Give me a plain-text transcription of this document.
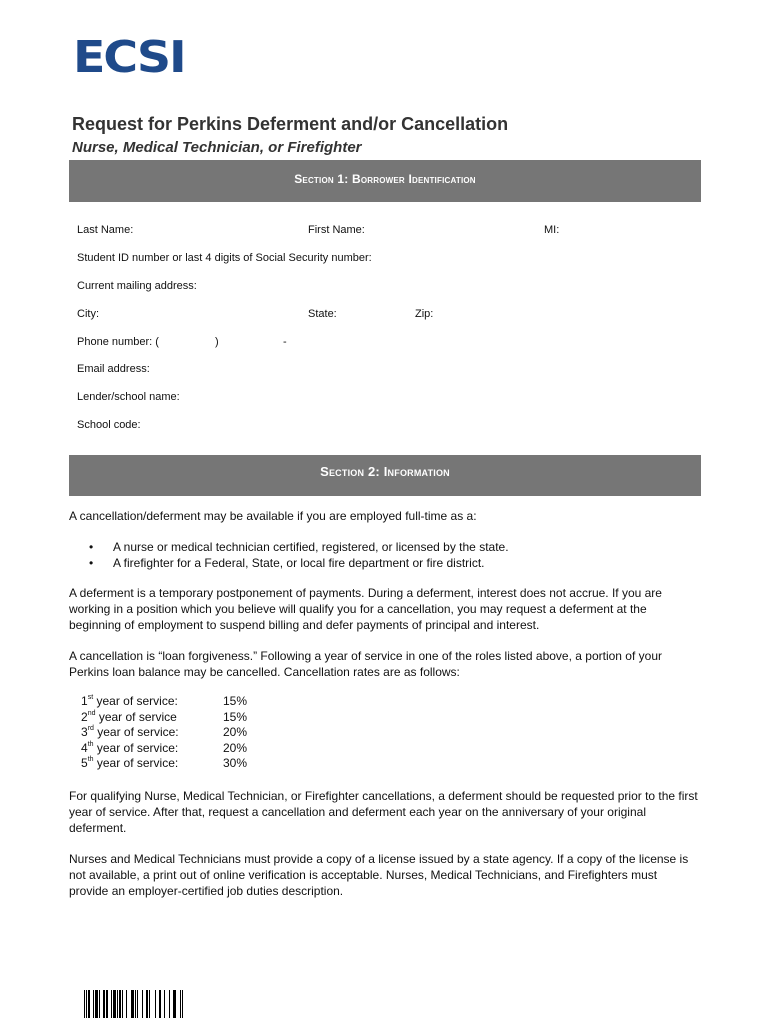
ECSI
Request for Perkins Deferment and/or Cancellation
Nurse, Medical Technician, or Firefighter
Section 1: Borrower Identification
Last Name:	First Name:	MI:
Student ID number or last 4 digits of Social Security number:
Current mailing address:
City:	State:	Zip:
Phone number: (	)	-
Email address:
Lender/school name:
School code:
Section 2: Information
A cancellation/deferment may be available if you are employed full-time as a:
• A nurse or medical technician certified, registered, or licensed by the state.
• A firefighter for a Federal, State, or local fire department or fire district.
A deferment is a temporary postponement of payments. During a deferment, interest does not accrue. If you are working in a position which you believe will qualify you for a cancellation, you may request a deferment at the beginning of employment to suspend billing and defer payments of principal and interest.
A cancellation is “loan forgiveness.” Following a year of service in one of the roles listed above, a portion of your Perkins loan balance may be cancelled. Cancellation rates are as follows:
1st year of service:	15%
2nd year of service	15%
3rd year of service:	20%
4th year of service:	20%
5th year of service:	30%
For qualifying Nurse, Medical Technician, or Firefighter cancellations, a deferment should be requested prior to the first year of service. After that, request a cancellation and deferment each year on the anniversary of your original deferment.
Nurses and Medical Technicians must provide a copy of a license issued by a state agency. If a copy of the license is not available, a print out of online verification is acceptable. Nurses, Medical Technicians, and Firefighters must provide an employer-certified job duties description.
